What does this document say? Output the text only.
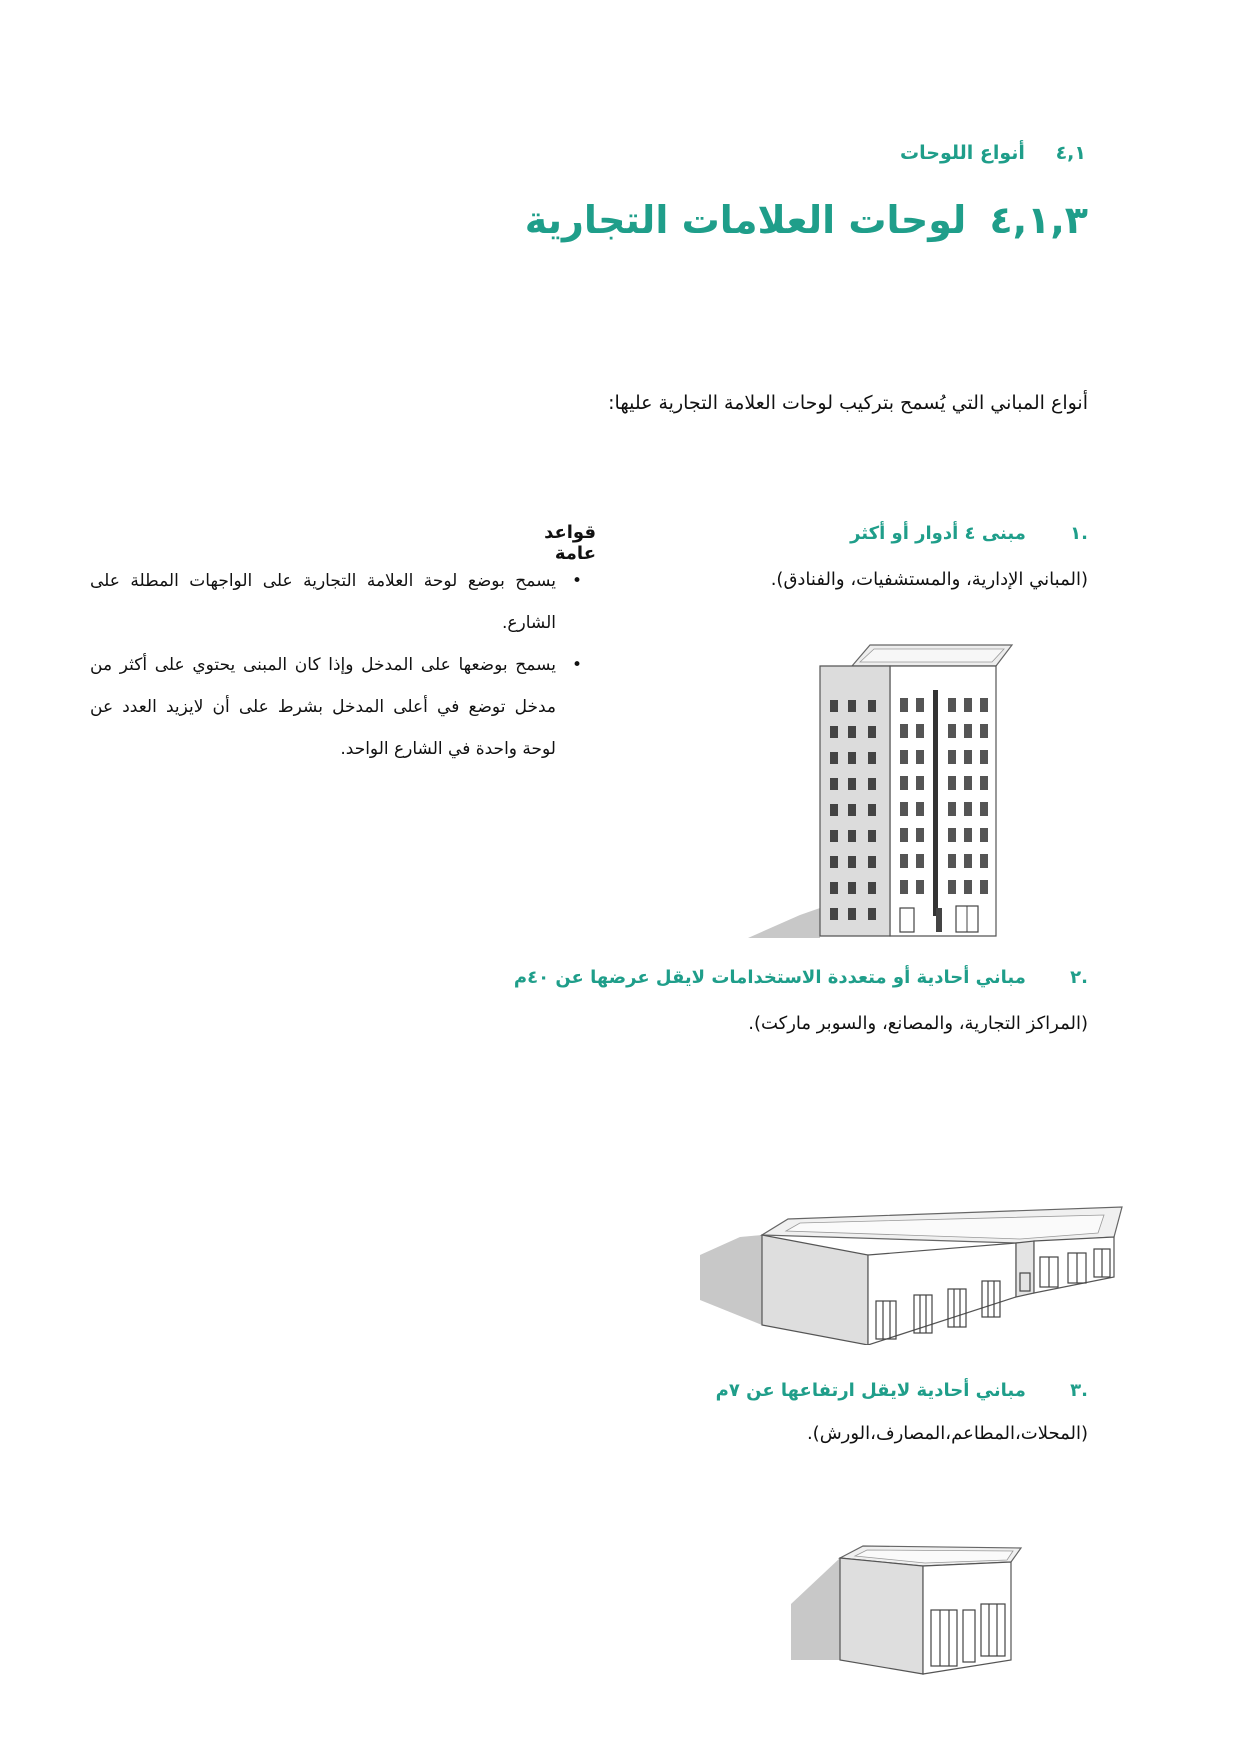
٤,١ أنواع اللوحات
٤,١,٣ لوحات العلامات التجارية
أنواع المباني التي يُسمح بتركيب لوحات العلامة التجارية عليها:
.١ مبنى ٤ أدوار أو أكثر
(المباني الإدارية، والمستشفيات، والفنادق).
.٢ مباني أحادية أو متعددة الاستخدامات لايقل عرضها عن ٤٠م
(المراكز التجارية، والمصانع، والسوبر ماركت).
.٣ مباني أحادية لايقل ارتفاعها عن ٧م
(المحلات،المطاعم،المصارف،الورش).
قواعد عامة
•
يسمح بوضع لوحة العلامة التجارية على الواجهات المطلة على الشارع.
•
يسمح بوضعها على المدخل وإذا كان المبنى يحتوي على أكثر من مدخل توضع في أعلى المدخل بشرط على أن لايزيد العدد عن لوحة واحدة في الشارع الواحد.
